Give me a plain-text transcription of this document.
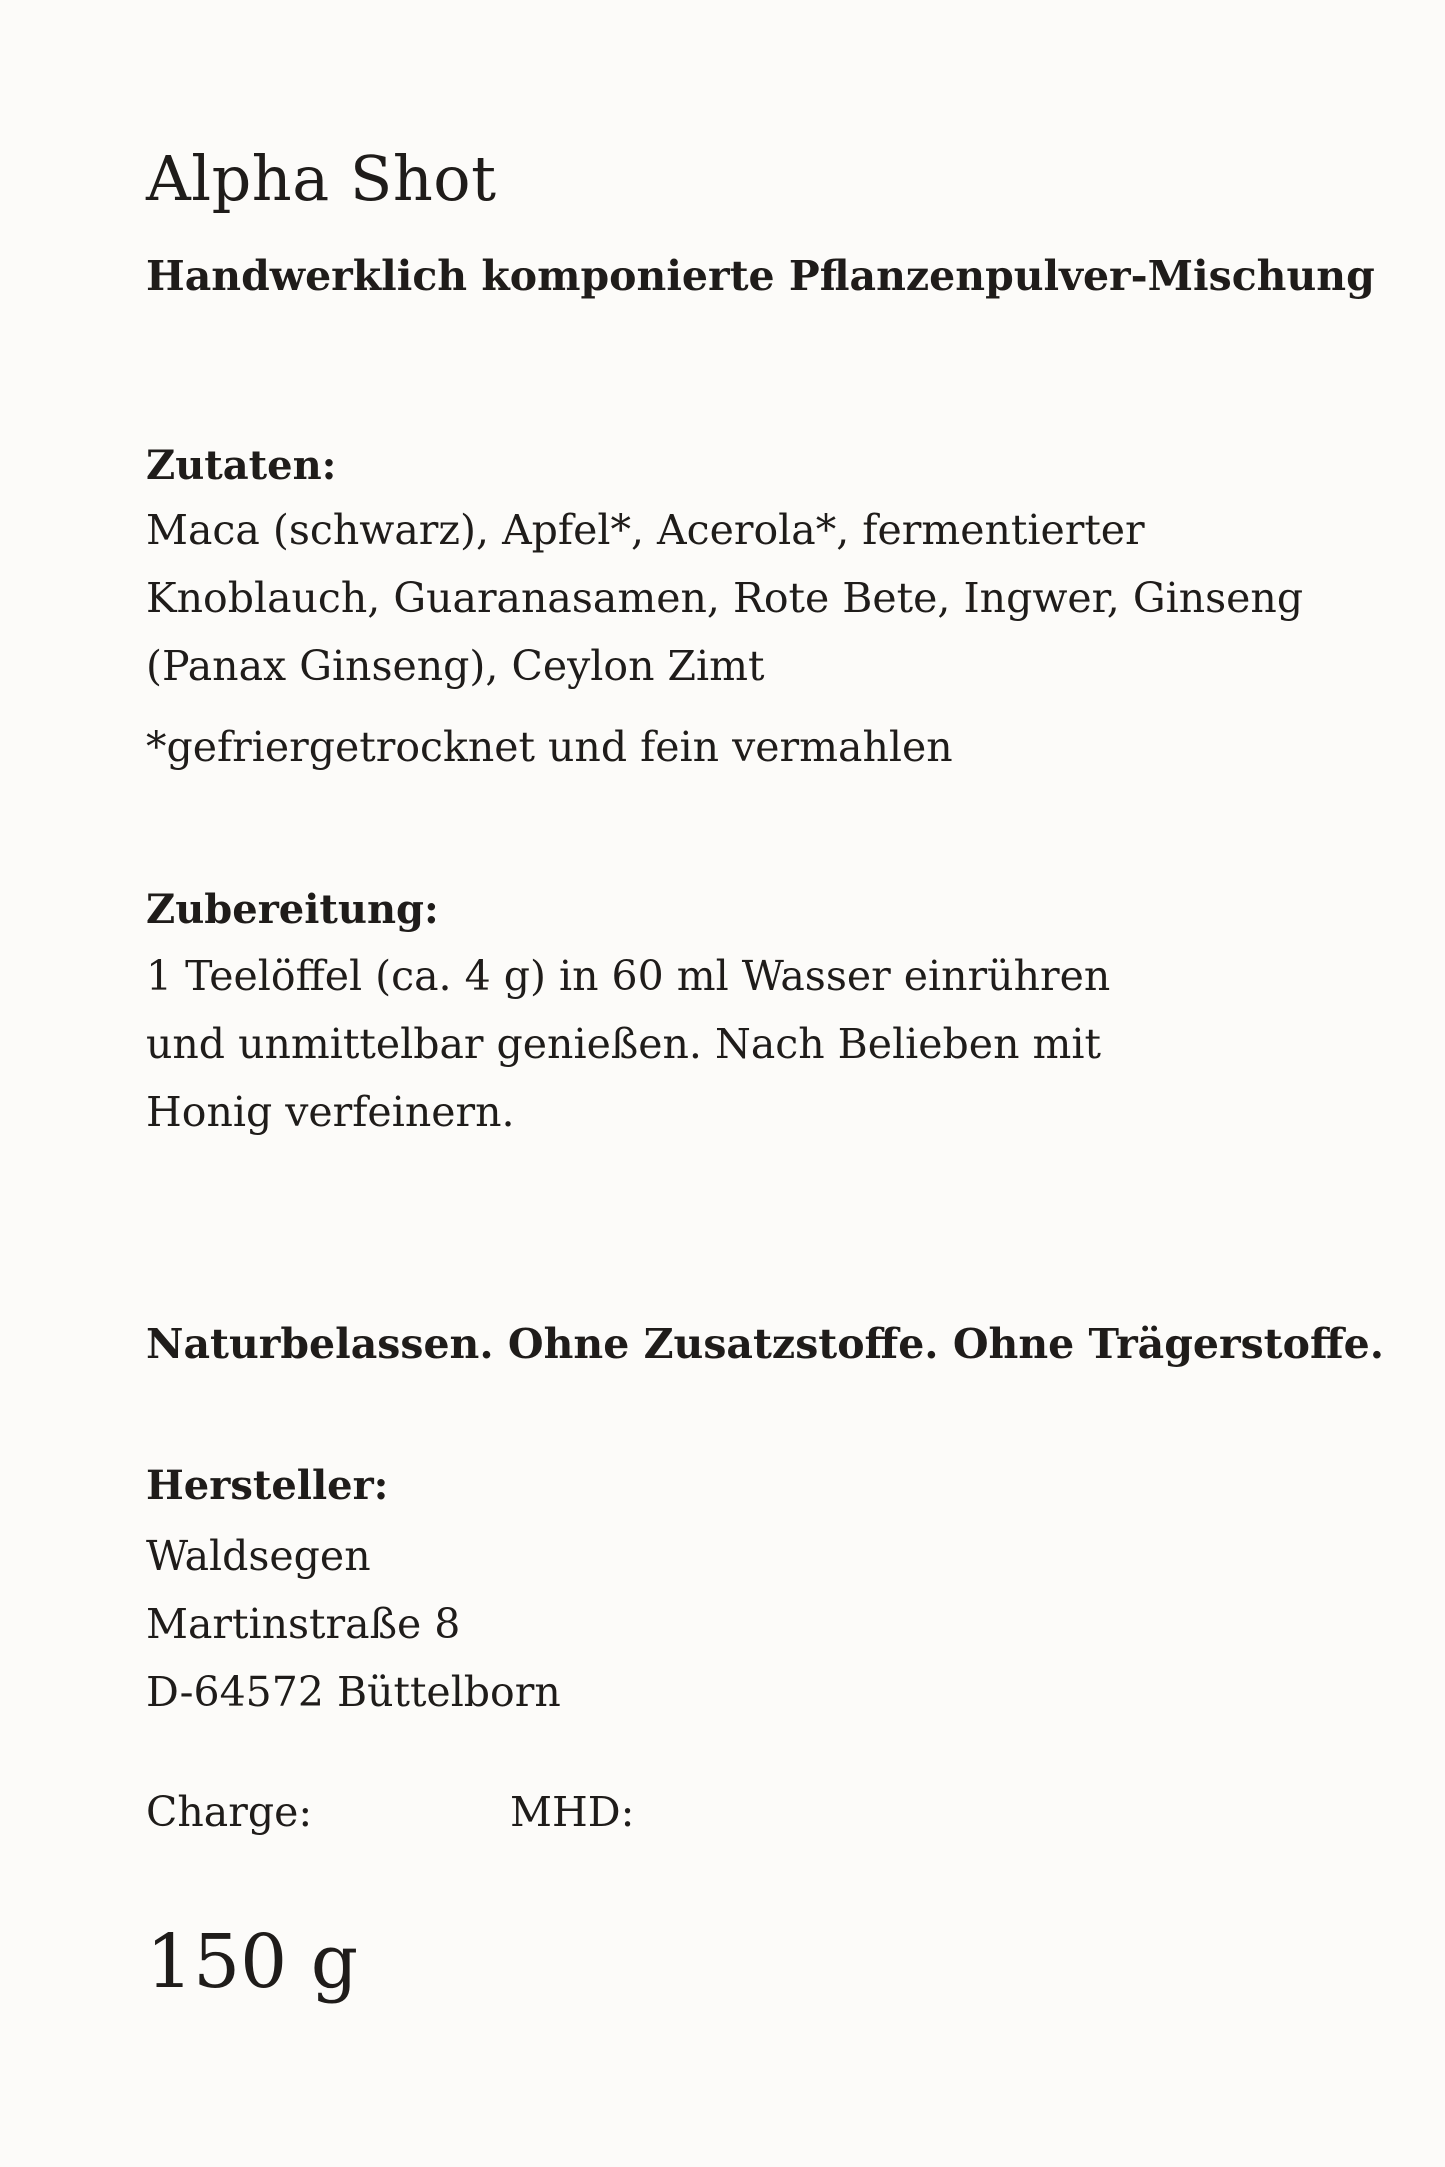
Alpha Shot

Handwerklich komponierte Pflanzenpulver-Mischung

Zutaten:

Maca (schwarz), Apfel*, Acerola*, fermentierter

Knoblauch, Guaranasamen, Rote Bete, Ingwer, Ginseng

(Panax Ginseng), Ceylon Zimt

*gefriergetrocknet und fein vermahlen

Zubereitung:

1 Teelöffel (ca. 4 g) in 60 ml Wasser einrühren

und unmittelbar genießen. Nach Belieben mit

Honig verfeinern.

Naturbelassen. Ohne Zusatzstoffe. Ohne Trägerstoffe.

Hersteller:

Waldsegen

Martinstraße 8

D-64572 Büttelborn

Charge:	MHD:

150 g
